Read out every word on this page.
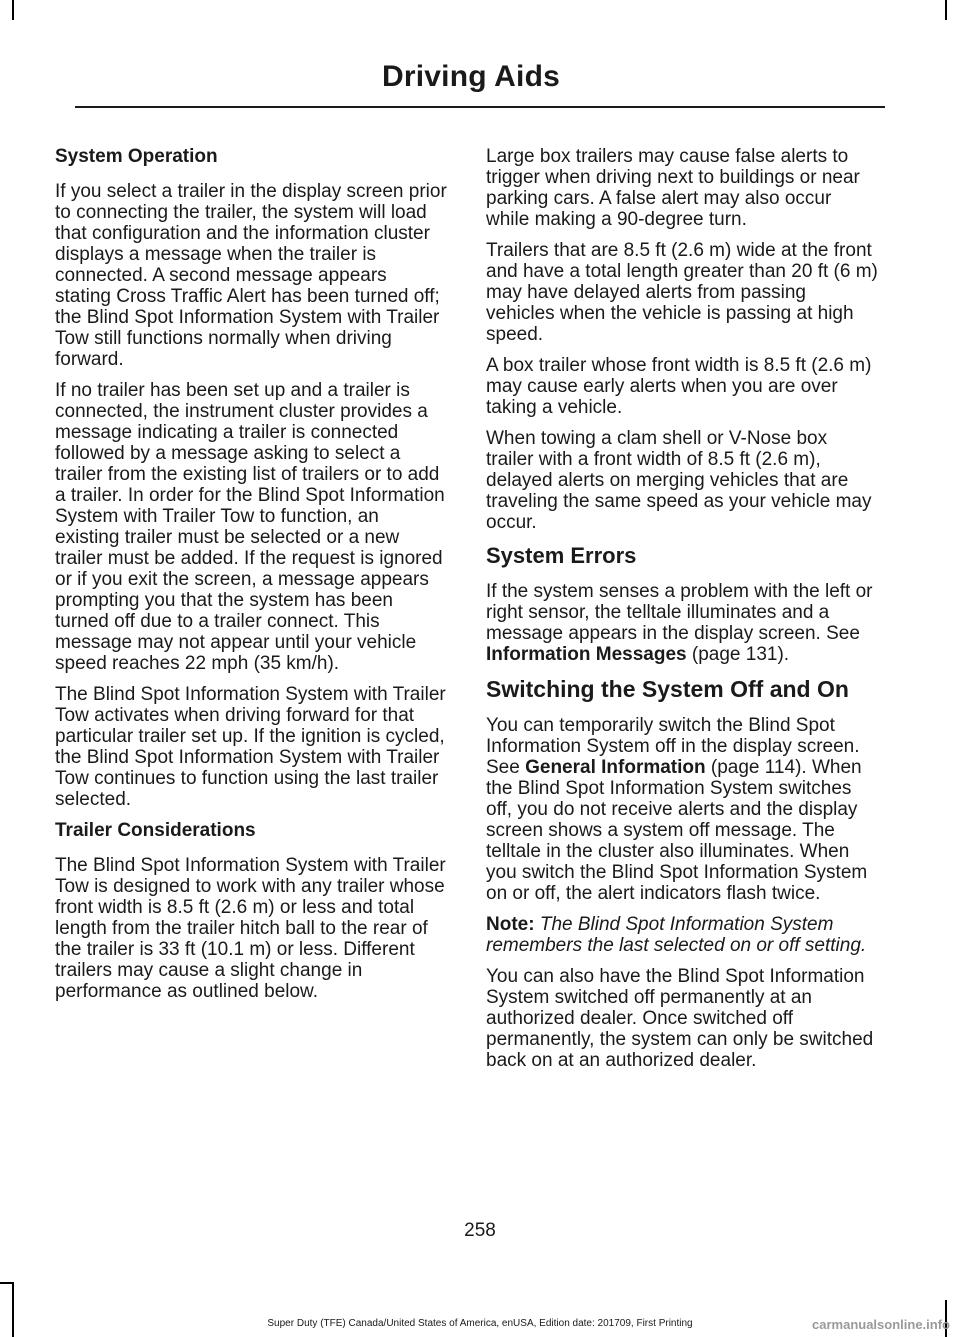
Driving Aids

System Operation

If you select a trailer in the display screen prior to connecting the trailer, the system will load that configuration and the information cluster displays a message when the trailer is connected. A second message appears stating Cross Traffic Alert has been turned off; the Blind Spot Information System with Trailer Tow still functions normally when driving forward.

If no trailer has been set up and a trailer is connected, the instrument cluster provides a message indicating a trailer is connected followed by a message asking to select a trailer from the existing list of trailers or to add a trailer. In order for the Blind Spot Information System with Trailer Tow to function, an existing trailer must be selected or a new trailer must be added. If the request is ignored or if you exit the screen, a message appears prompting you that the system has been turned off due to a trailer connect. This message may not appear until your vehicle speed reaches 22 mph (35 km/h).

The Blind Spot Information System with Trailer Tow activates when driving forward for that particular trailer set up. If the ignition is cycled, the Blind Spot Information System with Trailer Tow continues to function using the last trailer selected.

Trailer Considerations

The Blind Spot Information System with Trailer Tow is designed to work with any trailer whose front width is 8.5 ft (2.6 m) or less and total length from the trailer hitch ball to the rear of the trailer is 33 ft (10.1 m) or less. Different trailers may cause a slight change in performance as outlined below.

Large box trailers may cause false alerts to trigger when driving next to buildings or near parking cars. A false alert may also occur while making a 90-degree turn.

Trailers that are 8.5 ft (2.6 m) wide at the front and have a total length greater than 20 ft (6 m) may have delayed alerts from passing vehicles when the vehicle is passing at high speed.

A box trailer whose front width is 8.5 ft (2.6 m) may cause early alerts when you are over taking a vehicle.

When towing a clam shell or V-Nose box trailer with a front width of 8.5 ft (2.6 m), delayed alerts on merging vehicles that are traveling the same speed as your vehicle may occur.

System Errors

If the system senses a problem with the left or right sensor, the telltale illuminates and a message appears in the display screen. See Information Messages (page 131).

Switching the System Off and On

You can temporarily switch the Blind Spot Information System off in the display screen. See General Information (page 114). When the Blind Spot Information System switches off, you do not receive alerts and the display screen shows a system off message. The telltale in the cluster also illuminates. When you switch the Blind Spot Information System on or off, the alert indicators flash twice.

Note: The Blind Spot Information System remembers the last selected on or off setting.

You can also have the Blind Spot Information System switched off permanently at an authorized dealer. Once switched off permanently, the system can only be switched back on at an authorized dealer.

258
Super Duty (TFE) Canada/United States of America, enUSA, Edition date: 201709, First Printing	carmanualsonline.info
